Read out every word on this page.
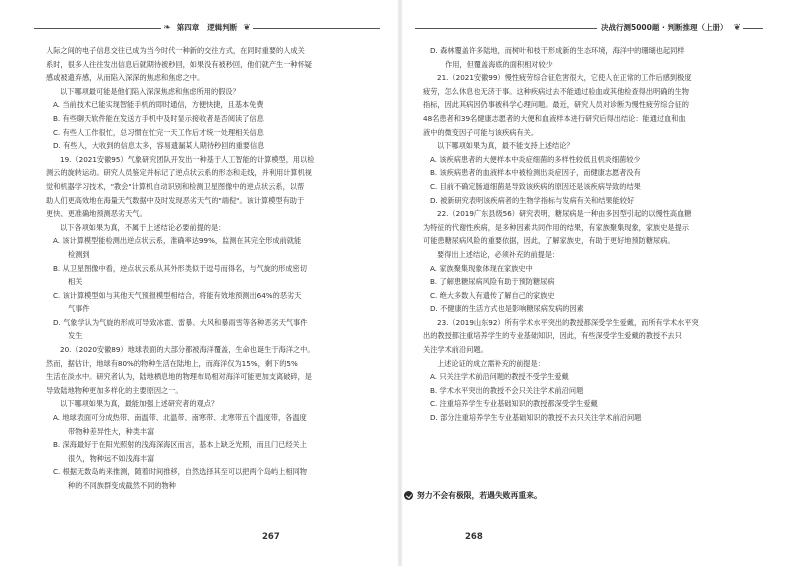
❧ 第四章	逻辑判断 ❦

人际之间的电子信息交往已成为当今时代一种新的交往方式，在同时重要的人成关

系时，很多人往往发出信息后就期待被秒回，如果没有被秒回，他们就产生一种怀疑

感或被遗弃感，从而陷入深深的焦虑和焦虑之中。

以下哪项最可能是他们陷入深深焦虑和焦虑所用的假设？

A. 当前技术已能实现智能手机的即时通信，方便快捷，且基本免费

B. 有些聊天软件能在发送方手机中及时显示接收者是否阅读了信息

C. 有些人工作很忙，总习惯在忙完一天工作后才统一处理相关信息

D. 有些人，大收到的信息太多，容易遗漏某人期待秒回的重要信息

19.（2021安徽95）气象研究团队开发出一种基于人工智能的计算模型，用以检

测云的旋转运动。研究人员鉴定并标记了逆点状云系的形态和走线，并利用计算机视

觉和机器学习技术，"教会"计算机自动识别和检测卫星图像中的逆点状云系，以帮

助人们更高效地在海量天气数据中及时发现恶劣天气的"端倪"。该计算模型有助于

更快、更准确地预测恶劣天气。

以下各项如果为真，不属于上述结论必要前提的是：

A. 该计算模型能检测出逆点状云系，准确率达99%，监测在其完全形成前就能

检测到

B. 从卫星图像中看，逆点状云系从其外形类似于逗号而得名，与气旋的形成密切

相关

C. 该计算模型如与其他天气预报模型相结合，将能有效地预测出64%的恶劣天

气事件

D. 气象学认为气旋的形成可导致冰雹、雷暴、大风和暴雨雪等各种恶劣天气事件

发生

20.（2020安徽89）地球表面的大部分都被海洋覆盖，生命也诞生于海洋之中。

然而，据估计，地球有80%的物种生活在陆地上，而海洋仅为15%，剩下的5%

生活在淡水中。研究者认为，陆地栖息地的物理布局相对海洋可能更加支离破碎，是

导致陆地物种更加多样化的主要原因之一。

以下哪项如果为真，最能加强上述研究者的观点？

A. 地球表面可分成热带、南温带、北温带、南寒带、北寒带五个温度带，各温度

带物种差异性大，种类丰富

B. 深海最好于在阳光照射的浅海深海区而言，基本上缺乏光照，而且门已经关上

很久，物种远不如浅海丰富

C. 根据无数岛屿来推测，随着时间推移，自然选择其至可以把两个岛屿上相同物

种的不同族群变成截然不同的物种

267
决战行测5000题 · 判断推理（上册） ❦

D. 森林覆盖许多陆地，而树叶和枝干形成新的生态环境，海洋中的珊瑚也起同样

作用，但覆盖海底的面积相对较少

21.（2021安徽99）慢性疲劳综合征危害很大，它使人在正常的工作后感到极度

疲劳，怎么休息也无济于事。这种疾病过去不能通过验血或其他检查得出明确的生物

指标，因此其病因仍事被科学心理问题。最近，研究人员对诊断为慢性疲劳综合征的

48名患者和39名健康志愿者的大便和血液样本进行研究后得出结论：能通过血和血

液中的微变因子可能与该疾病有关。

以下哪项如果为真，最不能支持上述结论？

A. 该疾病患者的大便样本中炎症细菌的多样性较低且机炎细菌较少

B. 该疾病患者的血液样本中被检测出炎症因子，而健康志愿者没有

C. 目前不确定肠道细菌是导致该疾病的原因还是该疾病导致的结果

D. 被新研究表明该疾病者的生物学指标与发病有关和结果能较好

22.（2019广东县级56）研究表明，糖尿病是一种由多因型引起的以慢性高血糖

为特征的代谢性疾病，是多种因素共同作用的结果，有家族聚集现象，家族史是提示

可能患糖尿病风险的重要依据，因此，了解家族史，有助于更好地预防糖尿病。

要得出上述结论，必须补充的前提是：

A. 家族聚集现象体现在家族史中

B. 了解患糖尿病风险有助于预防糖尿病

C. 绝大多数人有遗传了解自己的家族史

D. 不健康的生活方式也是影响糖尿病发病的因素

23.（2019山东92）所有学术水平突出的教授都深受学生爱戴，而所有学术水平突

出的教授都注重培养学生的专业基础知识，因此，有些深受学生爱戴的教授不去只

关注学术前沿问题。

上述论证的成立需补充的前提是：

A. 只关注学术前沿问题的教授不受学生爱戴

B. 学术水平突出的教授不会只关注学术前沿问题

C. 注重培养学生专业基础知识的教授都深受学生爱戴

D. 部分注重培养学生专业基础知识的教授不去只关注学术前沿问题

努力不会有极限，若遇失败再重来。
268
